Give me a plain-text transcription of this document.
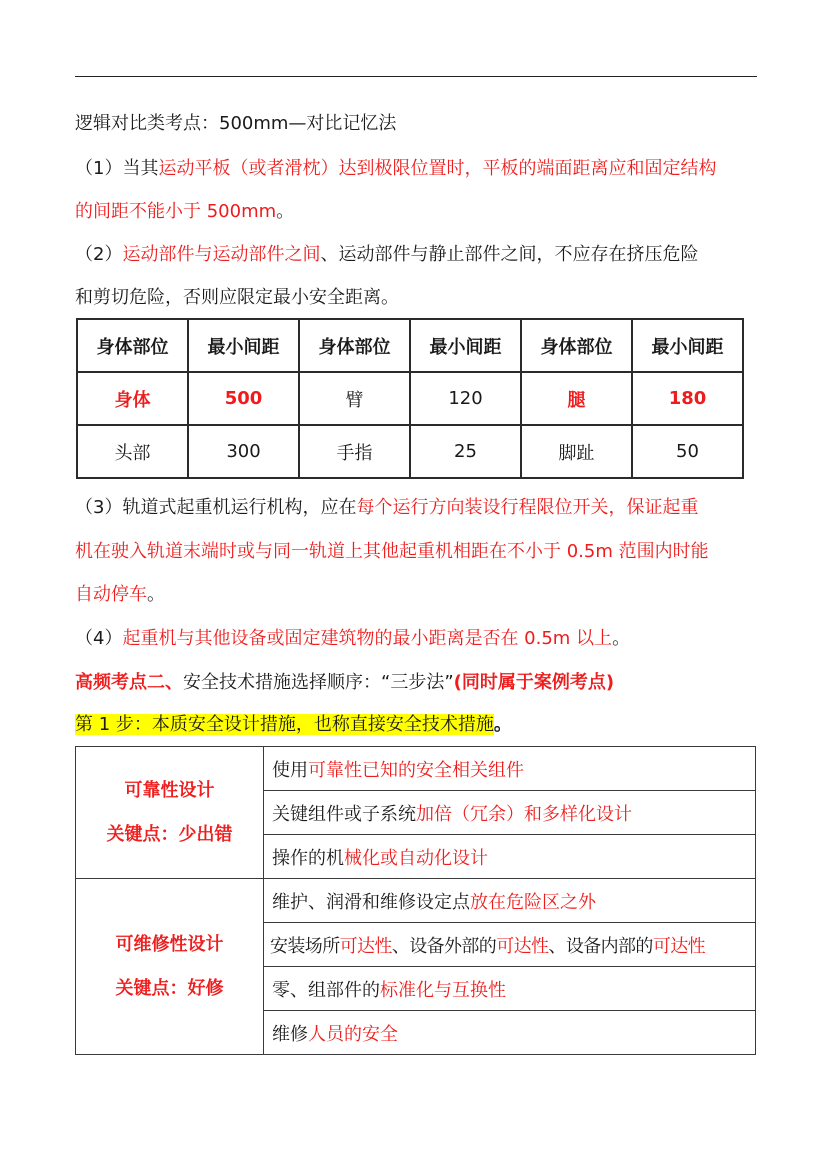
逻辑对比类考点：500mm—对比记忆法
（1）当其运动平板（或者滑枕）达到极限位置时，平板的端面距离应和固定结构
的间距不能小于 500mm。
（2）运动部件与运动部件之间、运动部件与静止部件之间，不应存在挤压危险
和剪切危险，否则应限定最小安全距离。
身体部位	最小间距	身体部位	最小间距	身体部位	最小间距
身体	500	臂	120	腿	180
头部	300	手指	25	脚趾	50
（3）轨道式起重机运行机构，应在每个运行方向装设行程限位开关，保证起重
机在驶入轨道末端时或与同一轨道上其他起重机相距在不小于 0.5m 范围内时能
自动停车。
（4）起重机与其他设备或固定建筑物的最小距离是否在 0.5m 以上。
高频考点二、安全技术措施选择顺序：“三步法”(同时属于案例考点)
第 1 步：本质安全设计措施，也称直接安全技术措施。
可靠性设计
关键点：少出错	使用可靠性已知的安全相关组件
	关键组件或子系统加倍（冗余）和多样化设计
	操作的机械化或自动化设计

可维修性设计
关键点：好修	维护、润滑和维修设定点放在危险区之外
	安装场所可达性、设备外部的可达性、设备内部的可达性
	零、组部件的标准化与互换性
	维修人员的安全
